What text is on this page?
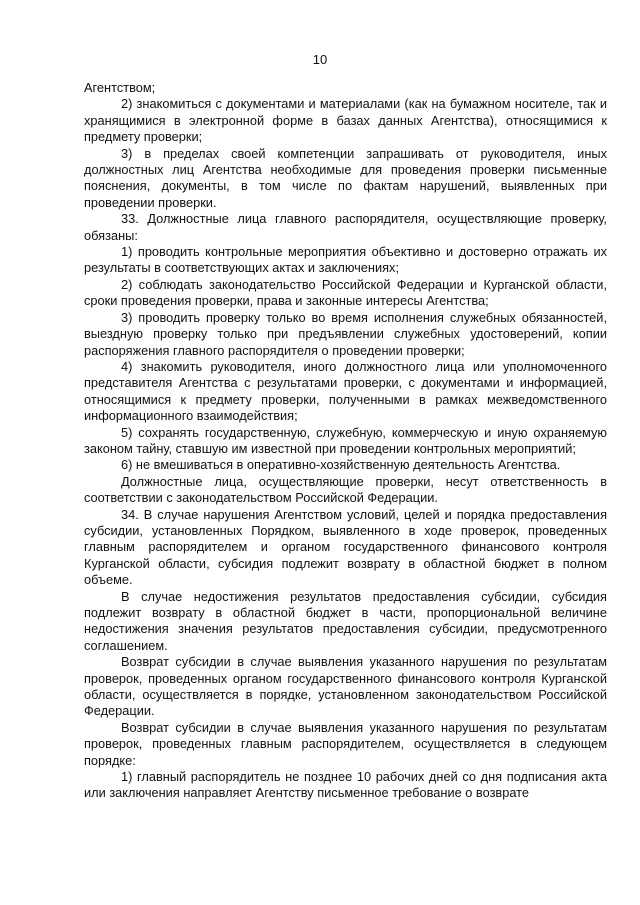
10

Агентством;

2) знакомиться с документами и материалами (как на бумажном носителе, так и хранящимися в электронной форме в базах данных Агентства), относящимися к предмету проверки;

3) в пределах своей компетенции запрашивать от руководителя, иных должностных лиц Агентства необходимые для проведения проверки письменные пояснения, документы, в том числе по фактам нарушений, выявленных при проведении проверки.

33. Должностные лица главного распорядителя, осуществляющие проверку, обязаны:

1) проводить контрольные мероприятия объективно и достоверно отражать их результаты в соответствующих актах и заключениях;

2) соблюдать законодательство Российской Федерации и Курганской области, сроки проведения проверки, права и законные интересы Агентства;

3) проводить проверку только во время исполнения служебных обязанностей, выездную проверку только при предъявлении служебных удостоверений, копии распоряжения главного распорядителя о проведении проверки;

4) знакомить руководителя, иного должностного лица или уполномоченного представителя Агентства с результатами проверки, с документами и информацией, относящимися к предмету проверки, полученными в рамках межведомственного информационного взаимодействия;

5) сохранять государственную, служебную, коммерческую и иную охраняемую законом тайну, ставшую им известной при проведении контрольных мероприятий;

6) не вмешиваться в оперативно-хозяйственную деятельность Агентства.

Должностные лица, осуществляющие проверки, несут ответственность в соответствии с законодательством Российской Федерации.

34. В случае нарушения Агентством условий, целей и порядка предоставления субсидии, установленных Порядком, выявленного в ходе проверок, проведенных главным распорядителем и органом государственного финансового контроля Курганской области, субсидия подлежит возврату в областной бюджет в полном объеме.

В случае недостижения результатов предоставления субсидии, субсидия подлежит возврату в областной бюджет в части, пропорциональной величине недостижения значения результатов предоставления субсидии, предусмотренного соглашением.

Возврат субсидии в случае выявления указанного нарушения по результатам проверок, проведенных органом государственного финансового контроля Курганской области, осуществляется в порядке, установленном законодательством Российской Федерации.

Возврат субсидии в случае выявления указанного нарушения по результатам проверок, проведенных главным распорядителем, осуществляется в следующем порядке:

1) главный распорядитель не позднее 10 рабочих дней со дня подписания акта или заключения направляет Агентству письменное требование о возврате
